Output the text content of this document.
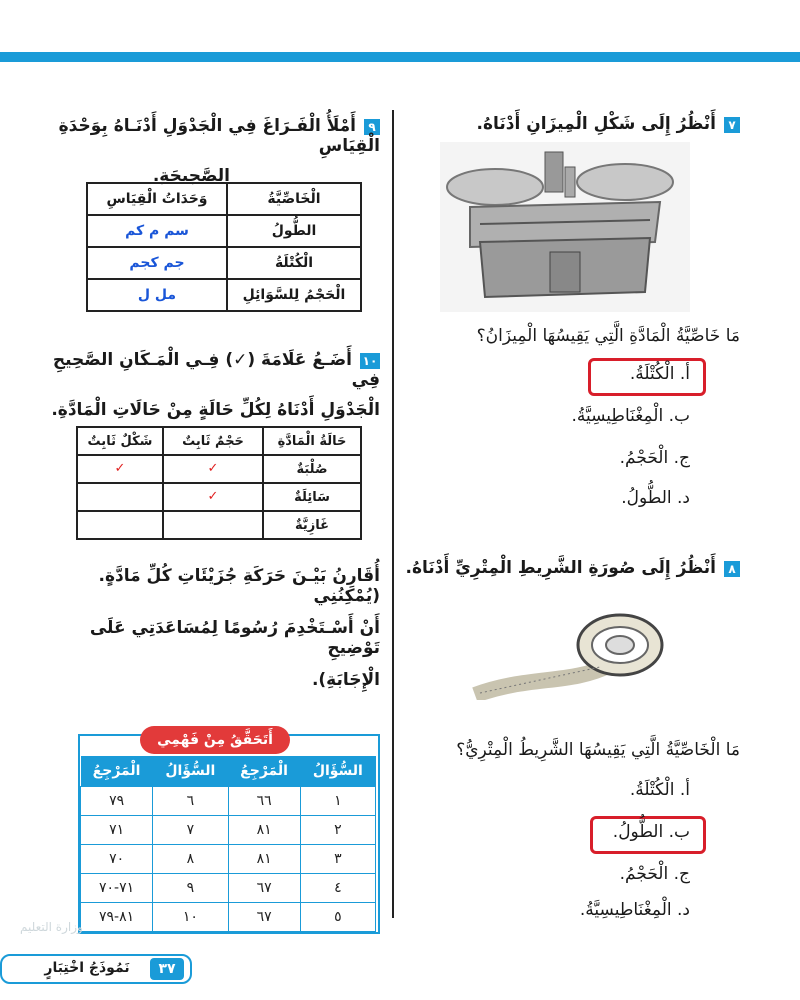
٧أَنْظُرُ إِلَى شَكْلِ الْمِيزَانِ أَدْنَاهُ.
مَا خَاصِّيَّةُ الْمَادَّةِ الَّتِي يَقِيسُهَا الْمِيزَانُ؟
أ. الْكُتْلَةُ.
ب. الْمِغْنَاطِيسِيَّةُ.
ج. الْحَجْمُ.
د. الطُّولُ.
٨أَنْظُرُ إِلَى صُورَةِ الشَّرِيطِ الْمِتْرِيِّ أَدْنَاهُ.
مَا الْخَاصِّيَّةُ الَّتِي يَقِيسُهَا الشَّرِيطُ الْمِتْرِيُّ؟
أ. الْكُتْلَةُ.
ب. الطُّولُ.
ج. الْحَجْمُ.
د. الْمِغْنَاطِيسِيَّةُ.
٩أَمْلَأُ الْفَـرَاغَ فِي الْجَدْوَلِ أَدْنَـاهُ بِوَحْدَةِ الْقِيَاسِ
الصَّحِيحَةِ.
الْخَاصِّيَّةُ	وَحَدَاتُ الْقِيَاسِ
الطُّولُ	سم م كم
الْكُتْلَةُ	جم كجم
الْحَجْمُ لِلسَّوَائِلِ	مل ل
١٠أَضَـعُ عَلَامَةَ (✓) فِـي الْمَـكَانِ الصَّحِيحِ فِي
الْجَدْوَلِ أَدْنَاهُ لِكُلِّ حَالَةٍ مِنْ حَالَاتِ الْمَادَّةِ.
حَالَةُ الْمَادَّةِ	حَجْمٌ ثَابِتٌ	شَكْلٌ ثَابِتٌ
صُلْبَةٌ	✓	✓
سَائِلَةٌ	✓	
غَازِيَّةٌ		
أُقَارِنُ بَيْـنَ حَرَكَةِ جُزَيْئَاتِ كُلِّ مَادَّةٍ. (يُمْكِنُنِي
أَنْ أَسْـتَخْدِمَ رُسُومًا لِمُسَاعَدَتِي عَلَى تَوْضِيحِ
الْإِجَابَةِ).
أَتَحَقَّقُ مِنْ فَهْمِي
السُّؤَالُ	الْمَرْجِعُ	السُّؤَالُ	الْمَرْجِعُ
١	٦٦	٦	٧٩
٢	٨١	٧	٧١
٣	٨١	٨	٧٠
٤	٦٧	٩	٧١-٧٠
٥	٦٧	١٠	٨١-٧٩
وزارة التعليم
٣٧
نَمُوذَجُ اخْتِبَارٍ
